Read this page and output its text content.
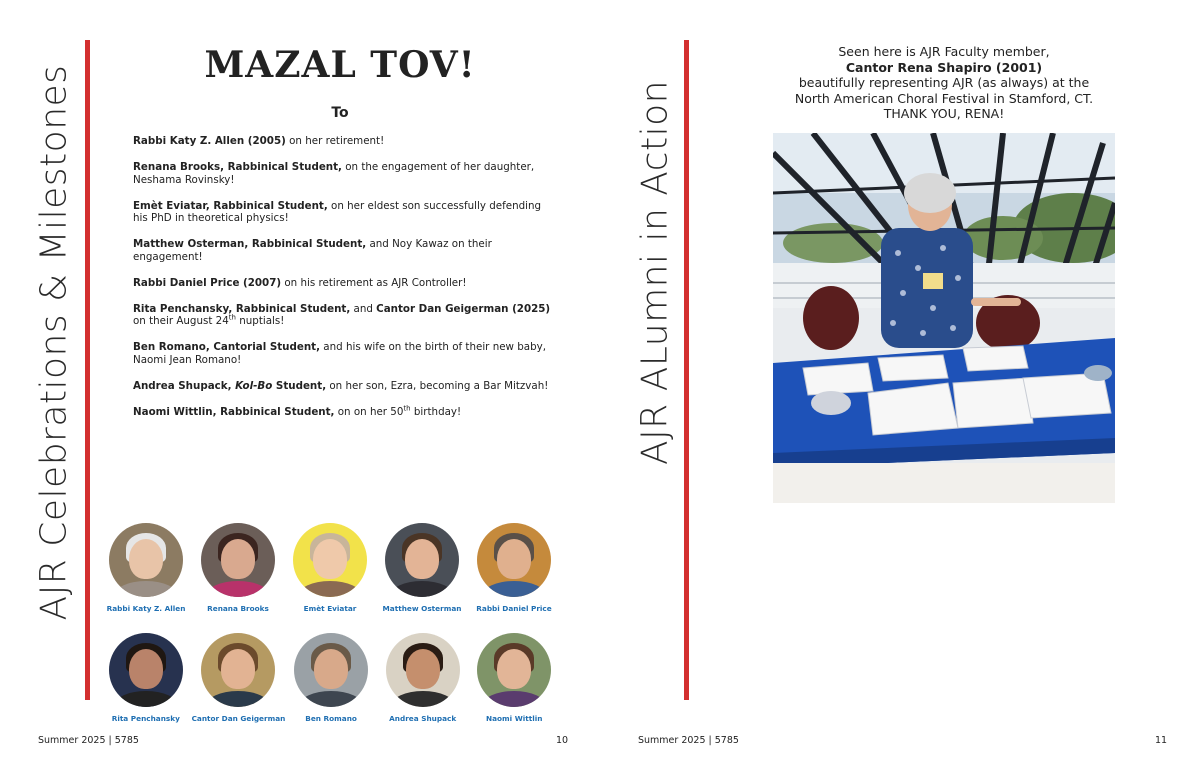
AJR Celebrations & Milestones	MAZAL TOV!
To
Rabbi Katy Z. Allen (2005) on her retirement!
Renana Brooks, Rabbinical Student, on the engagement of her daughter, Neshama Rovinsky!
Emèt Eviatar, Rabbinical Student, on her eldest son successfully defending his PhD in theoretical physics!
Matthew Osterman, Rabbinical Student, and Noy Kawaz on their engagement!
Rabbi Daniel Price (2007) on his retirement as AJR Controller!
Rita Penchansky, Rabbinical Student, and Cantor Dan Geigerman (2025)
on their August 24th nuptials!
Ben Romano, Cantorial Student, and his wife on the birth of their new baby, Naomi Jean Romano!
Andrea Shupack, Kol-Bo Student, on her son, Ezra, becoming a Bar Mitzvah!
Naomi Wittlin, Rabbinical Student, on on her 50th birthday!
Rabbi Katy Z. Allen	Renana Brooks	Emèt Eviatar	Matthew Osterman Rabbi Daniel Price
Rita Penchansky Cantor Dan Geigerman	Ben Romano	Andrea Shupack	Naomi Wittlin
Summer 2025 | 5785	10
AJR ALumni in Action
Seen here is AJR Faculty member,
Cantor Rena Shapiro (2001)
beautifully representing AJR (as always) at the
North American Choral Festival in Stamford, CT.
THANK YOU, RENA!
Summer 2025 | 5785	11
